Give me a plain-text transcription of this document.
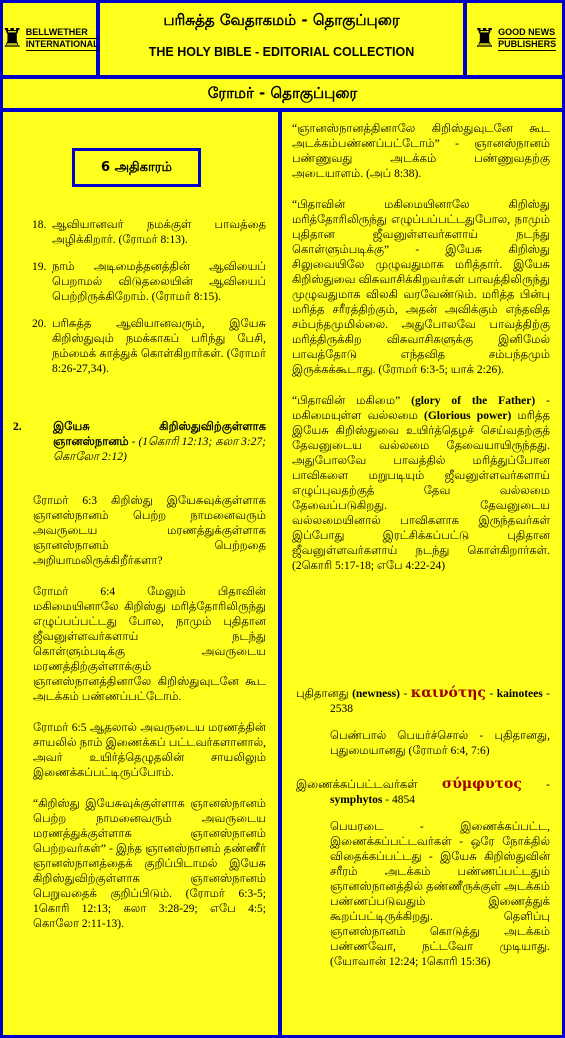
♜ BELLWETHER
INTERNATIONAL
பரிசுத்த வேதாகமம் - தொகுப்புரை
THE HOLY BIBLE - EDITORIAL COLLECTION	♜ GOOD NEWS
PUBLISHERS
ரோமர் - தொகுப்புரை
6 அதிகாரம்
18. ஆவியானவர் நமக்குள் பாவத்தை அழிக்கிறார். (ரோமர் 8:13).
19. நாம் அடிமைத்தனத்தின் ஆவியைப் பெறாமல் விடுதலையின் ஆவியைப் பெற்றிருக்கிறோம். (ரோமர் 8:15).
20. பரிசுத்த ஆவியானவரும், இயேசு கிறிஸ்துவும் நமக்காகப் பரிந்து பேசி, நம்மைக் காத்துக் கொள்கிறார்கள். (ரோமர் 8:26-27,34).
2.	இயேசு கிறிஸ்துவிற்குள்ளாக ஞானஸ்நானம் - (1கொரி 12:13; கலா 3:27; கொலோ 2:12)

ரோமர் 6:3 கிறிஸ்து இயேசுவுக்குள்ளாக ஞானஸ்நானம் பெற்ற நாமனைவரும் அவருடைய மரணத்துக்குள்ளாக ஞானஸ்நானம் பெற்றதை அறியாமலிருக்கிறீர்களா?

ரோமர் 6:4 மேலும் பிதாவின் மகிமையினாலே கிறிஸ்து மரித்தோரிலிருந்து எழுப்பப்பட்டது போல, நாமும் புதிதான ஜீவனுள்ளவர்களாய் நடந்து கொள்ளும்படிக்கு அவருடைய மரணத்திற்குள்ளாக்கும் ஞானஸ்நானத்தினாலே கிறிஸ்துவுடனே கூட அடக்கம் பண்ணப்பட்டோம்.

ரோமர் 6:5 ஆதலால் அவருடைய மரணத்தின் சாயலில் நாம் இணைக்கப் பட்டவர்களானால், அவர் உயிர்த்தெழுதலின் சாயலிலும் இணைக்கப்பட்டிருப்போம்.

“கிறிஸ்து இயேசுவுக்குள்ளாக ஞானஸ்நானம் பெற்ற நாமனைவரும் அவருடைய மரணத்துக்குள்ளாக ஞானஸ்நானம் பெற்றவர்கள்” - இந்த ஞானஸ்நானம் தண்ணீர் ஞானஸ்நானத்தைக் குறிப்பிடாமல் இயேசு கிறிஸ்துவிற்குள்ளாக ஞானஸ்நானம் பெறுவதைக் குறிப்பிடும். (ரோமர் 6:3-5; 1கொரி 12:13; கலா 3:28-29; எபே 4:5; கொலோ 2:11-13).

“ஞானஸ்நானத்தினாலே கிறிஸ்துவுடனே கூட அடக்கம்பண்ணப்பட்டோம்” - ஞானஸ்நானம் பண்ணுவது அடக்கம் பண்ணுவதற்கு அடையாளம். (அப் 8:38).

“பிதாவின் மகிமையினாலே கிறிஸ்து மரித்தோரிலிருந்து எழுப்பப்பட்டதுபோல, நாமும் புதிதான ஜீவனுள்ளவர்களாய் நடந்து கொள்ளும்படிக்கு” - இயேசு கிறிஸ்து சிலுவையிலே முழுவதுமாக மரித்தார். இயேசு கிறிஸ்துவை விசுவாசிக்கிறவர்கள் பாவத்திலிருந்து முழுவதுமாக விலகி வரவேண்டும். மரித்த பின்பு மரித்த சரீரத்திற்கும், அதன் அவிக்கும் எந்தவித சம்பந்தமுமில்லை. அதுபோலவே பாவத்திற்கு மரித்திருக்கிற விசுவாசிகளுக்கு இனிமேல் பாவத்தோடு எந்தவித சம்பந்தமும் இருக்கக்கூடாது. (ரோமர் 6:3-5; யாக் 2:26).

“பிதாவின் மகிமை” (glory of the Father) - மகிமையுள்ள வல்லமை (Glorious power) மரித்த இயேசு கிறிஸ்துவை உயிர்த்தெழச் செய்வதற்குத் தேவனுடைய வல்லமை தேவையாயிருந்தது. அதுபோலவே பாவத்தில் மரித்துப்போன பாவிகளை மறுபடியும் ஜீவனுள்ளவர்களாய் எழுப்புவதற்குத் தேவ வல்லமை தேவைப்படுகிறது. தேவனுடைய வல்லமையினால் பாவிகளாக இருந்தவர்கள் இப்போது இரட்சிக்கப்பட்டு புதிதான ஜீவனுள்ளவர்களாய் நடந்து கொள்கிறார்கள். (2கொரி 5:17-18; எபே 4:22-24)

புதிதானது (newness) - καινότης - kainotees - 2538

பெண்பால் பெயர்ச்சொல் - புதிதானது, புதுமையானது (ரோமர் 6:4, 7:6)

இணைக்கப்பட்டவர்கள் σύμφυτος - symphytos - 4854

பெயரடை - இணைக்கப்பட்ட, இணைக்கப்பட்டவர்கள் - ஒரே நோக்தில் விதைக்கப்பட்டது - இயேசு கிறிஸ்துவின் சரீரம் அடக்கம் பண்ணப்பட்டதும் ஞானஸ்நானத்தில் தண்ணீருக்குள் அடக்கம் பண்ணப்படுவதும் இணைத்துக் கூறப்பட்டிருக்கிறது. தெளிப்பு ஞானஸ்நானம் கொடுத்து அடக்கம் பண்ணவோ, நட்டவோ முடியாது. (யோவான் 12:24; 1கொரி 15:36)
